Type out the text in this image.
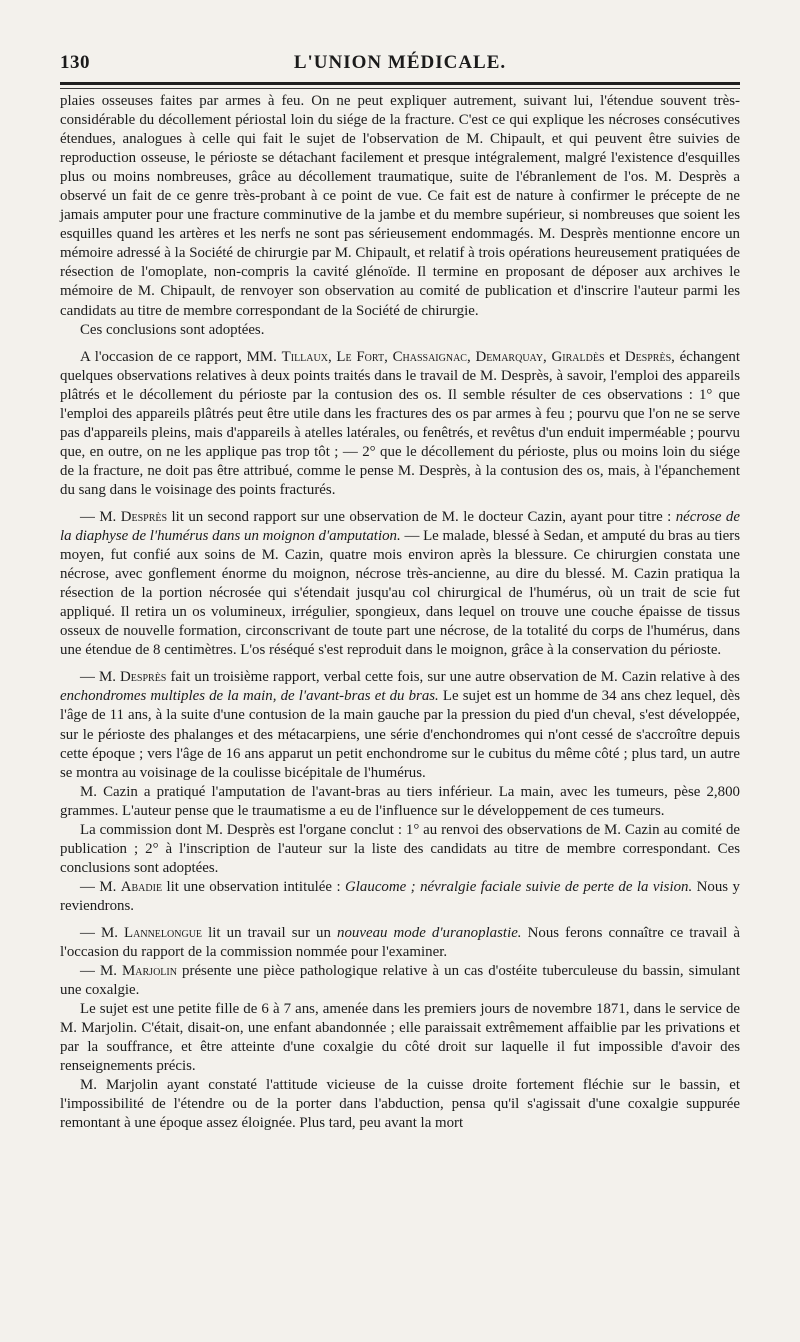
130	L'UNION MÉDICALE.

plaies osseuses faites par armes à feu. On ne peut expliquer autrement, suivant lui, l'étendue souvent très-considérable du décollement périostal loin du siége de la fracture. C'est ce qui explique les nécroses consécutives étendues, analogues à celle qui fait le sujet de l'observation de M. Chipault, et qui peuvent être suivies de reproduction osseuse, le périoste se détachant facilement et presque intégralement, malgré l'existence d'esquilles plus ou moins nombreuses, grâce au décollement traumatique, suite de l'ébranlement de l'os. M. Desprès a observé un fait de ce genre très-probant à ce point de vue. Ce fait est de nature à confirmer le précepte de ne jamais amputer pour une fracture comminutive de la jambe et du membre supérieur, si nombreuses que soient les esquilles quand les artères et les nerfs ne sont pas sérieusement endommagés. M. Desprès mentionne encore un mémoire adressé à la Société de chirurgie par M. Chipault, et relatif à trois opérations heureusement pratiquées de résection de l'omoplate, non-compris la cavité glénoïde. Il termine en proposant de déposer aux archives le mémoire de M. Chipault, de renvoyer son observation au comité de publication et d'inscrire l'auteur parmi les candidats au titre de membre correspondant de la Société de chirurgie.

Ces conclusions sont adoptées.

A l'occasion de ce rapport, MM. Tillaux, Le Fort, Chassaignac, Demarquay, Giraldès et Desprès, échangent quelques observations relatives à deux points traités dans le travail de M. Desprès, à savoir, l'emploi des appareils plâtrés et le décollement du périoste par la contusion des os. Il semble résulter de ces observations : 1° que l'emploi des appareils plâtrés peut être utile dans les fractures des os par armes à feu ; pourvu que l'on ne se serve pas d'appareils pleins, mais d'appareils à atelles latérales, ou fenêtrés, et revêtus d'un enduit imperméable ; pourvu que, en outre, on ne les applique pas trop tôt ; — 2° que le décollement du périoste, plus ou moins loin du siége de la fracture, ne doit pas être attribué, comme le pense M. Desprès, à la contusion des os, mais, à l'épanchement du sang dans le voisinage des points fracturés.

— M. Desprès lit un second rapport sur une observation de M. le docteur Cazin, ayant pour titre : nécrose de la diaphyse de l'humérus dans un moignon d'amputation. — Le malade, blessé à Sedan, et amputé du bras au tiers moyen, fut confié aux soins de M. Cazin, quatre mois environ après la blessure. Ce chirurgien constata une nécrose, avec gonflement énorme du moignon, nécrose très-ancienne, au dire du blessé. M. Cazin pratiqua la résection de la portion nécrosée qui s'étendait jusqu'au col chirurgical de l'humérus, où un trait de scie fut appliqué. Il retira un os volumineux, irrégulier, spongieux, dans lequel on trouve une couche épaisse de tissus osseux de nouvelle formation, circonscrivant de toute part une nécrose, de la totalité du corps de l'humérus, dans une étendue de 8 centimètres. L'os réséqué s'est reproduit dans le moignon, grâce à la conservation du périoste.

— M. Desprès fait un troisième rapport, verbal cette fois, sur une autre observation de M. Cazin relative à des enchondromes multiples de la main, de l'avant-bras et du bras. Le sujet est un homme de 34 ans chez lequel, dès l'âge de 11 ans, à la suite d'une contusion de la main gauche par la pression du pied d'un cheval, s'est développée, sur le périoste des phalanges et des métacarpiens, une série d'enchondromes qui n'ont cessé de s'accroître depuis cette époque ; vers l'âge de 16 ans apparut un petit enchondrome sur le cubitus du même côté ; plus tard, un autre se montra au voisinage de la coulisse bicépitale de l'humérus.

M. Cazin a pratiqué l'amputation de l'avant-bras au tiers inférieur. La main, avec les tumeurs, pèse 2,800 grammes. L'auteur pense que le traumatisme a eu de l'influence sur le développement de ces tumeurs.

La commission dont M. Desprès est l'organe conclut : 1° au renvoi des observations de M. Cazin au comité de publication ; 2° à l'inscription de l'auteur sur la liste des candidats au titre de membre correspondant. Ces conclusions sont adoptées.

— M. Abadie lit une observation intitulée : Glaucome ; névralgie faciale suivie de perte de la vision. Nous y reviendrons.

— M. Lannelongue lit un travail sur un nouveau mode d'uranoplastie. Nous ferons connaître ce travail à l'occasion du rapport de la commission nommée pour l'examiner.

— M. Marjolin présente une pièce pathologique relative à un cas d'ostéite tuberculeuse du bassin, simulant une coxalgie.

Le sujet est une petite fille de 6 à 7 ans, amenée dans les premiers jours de novembre 1871, dans le service de M. Marjolin. C'était, disait-on, une enfant abandonnée ; elle paraissait extrêmement affaiblie par les privations et par la souffrance, et être atteinte d'une coxalgie du côté droit sur laquelle il fut impossible d'avoir des renseignements précis.

M. Marjolin ayant constaté l'attitude vicieuse de la cuisse droite fortement fléchie sur le bassin, et l'impossibilité de l'étendre ou de la porter dans l'abduction, pensa qu'il s'agissait d'une coxalgie suppurée remontant à une époque assez éloignée. Plus tard, peu avant la mort
